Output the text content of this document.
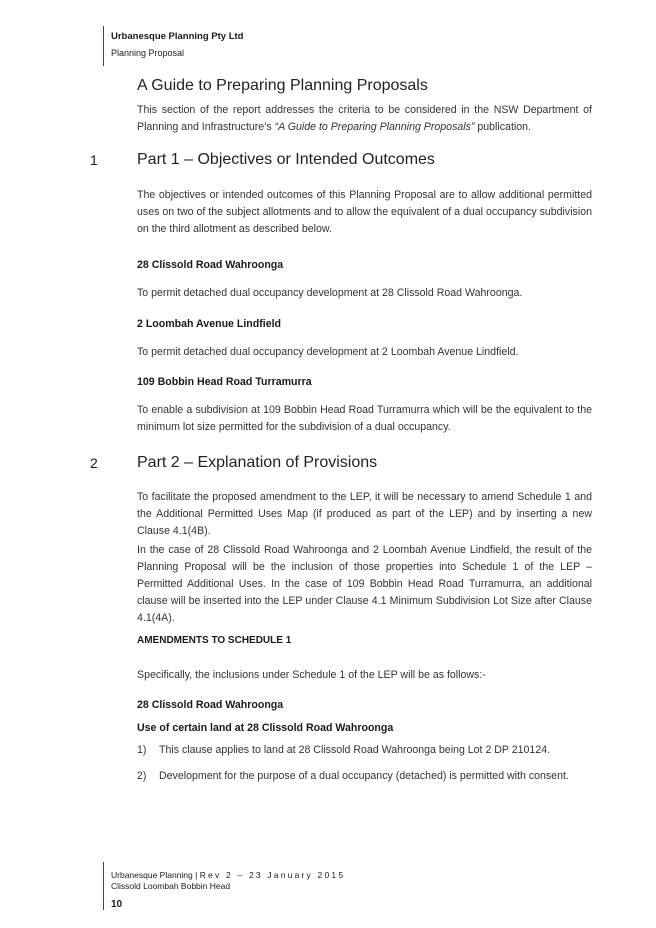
Urbanesque Planning Pty Ltd
Planning Proposal
A Guide to Preparing Planning Proposals

This section of the report addresses the criteria to be considered in the NSW Department of Planning and Infrastructure’s “A Guide to Preparing Planning Proposals” publication.

1 Part 1 – Objectives or Intended Outcomes

The objectives or intended outcomes of this Planning Proposal are to allow additional permitted uses on two of the subject allotments and to allow the equivalent of a dual occupancy subdivision on the third allotment as described below.

28 Clissold Road Wahroonga

To permit detached dual occupancy development at 28 Clissold Road Wahroonga.

2 Loombah Avenue Lindfield

To permit detached dual occupancy development at 2 Loombah Avenue Lindfield.

109 Bobbin Head Road Turramurra

To enable a subdivision at 109 Bobbin Head Road Turramurra which will be the equivalent to the minimum lot size permitted for the subdivision of a dual occupancy.

2 Part 2 – Explanation of Provisions

To facilitate the proposed amendment to the LEP, it will be necessary to amend Schedule 1 and the Additional Permitted Uses Map (if produced as part of the LEP) and by inserting a new Clause 4.1(4B).

In the case of 28 Clissold Road Wahroonga and 2 Loombah Avenue Lindfield, the result of the Planning Proposal will be the inclusion of those properties into Schedule 1 of the LEP – Permitted Additional Uses. In the case of 109 Bobbin Head Road Turramurra, an additional clause will be inserted into the LEP under Clause 4.1 Minimum Subdivision Lot Size after Clause 4.1(4A).

AMENDMENTS TO SCHEDULE 1

Specifically, the inclusions under Schedule 1 of the LEP will be as follows:-

28 Clissold Road Wahroonga
Use of certain land at 28 Clissold Road Wahroonga
1) This clause applies to land at 28 Clissold Road Wahroonga being Lot 2 DP 210124.
2) Development for the purpose of a dual occupancy (detached) is permitted with consent.
Urbanesque Planning | Rev 2 – 23 January 2015
Clissold Loombah Bobbin Head
10
